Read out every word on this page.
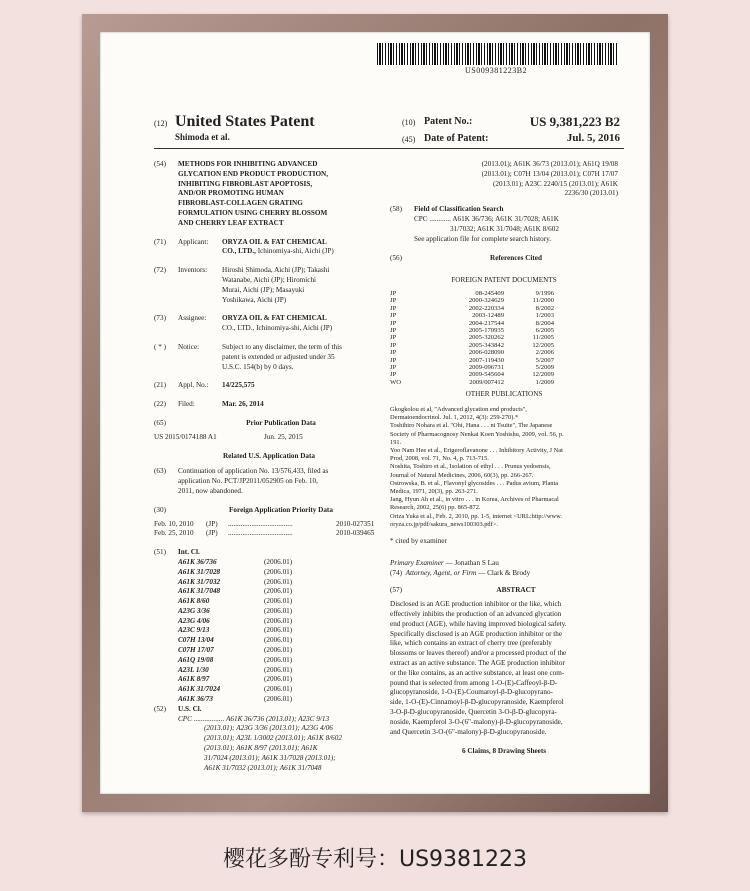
US009381223B2
(12) United States Patent
Shimoda et al.
(10) Patent No.:	US 9,381,223 B2
(45) Date of Patent:	Jul. 5, 2016
(54)	METHODS FOR INHIBITING ADVANCED
GLYCATION END PRODUCT PRODUCTION,
INHIBITING FIBROBLAST APOPTOSIS,
AND/OR PROMOTING HUMAN
FIBROBLAST-COLLAGEN GRATING
FORMULATION USING CHERRY BLOSSOM
AND CHERRY LEAF EXTRACT
(71)	Applicant:	ORYZA OIL & FAT CHEMICAL
CO., LTD., Ichinomiya-shi, Aichi (JP)
(72)	Inventors:	Hiroshi Shimoda, Aichi (JP); Takashi
Watanabe, Aichi (JP); Hiromichi
Murai, Aichi (JP); Masayuki
Yoshikawa, Aichi (JP)
(73)	Assignee:	ORYZA OIL & FAT CHEMICAL
CO., LTD., Ichinomiya-shi, Aichi (JP)
( * )	Notice:	Subject to any disclaimer, the term of this
patent is extended or adjusted under 35
U.S.C. 154(b) by 0 days.
(21)	Appl. No.:	14/225,575
(22)	Filed:	Mar. 26, 2014
(65)	Prior Publication Data
US 2015/0174188 A1	Jun. 25, 2015
Related U.S. Application Data
(63)	Continuation of application No. 13/576,433, filed as
application No. PCT/JP2011/052905 on Feb. 10,
2011, now abandoned.
(30)	Foreign Application Priority Data
Feb. 10, 2010	(JP)	....................................	2010-027351
Feb. 25, 2010	(JP)	....................................	2010-039465
(51)	Int. Cl.
A61K 36/736	(2006.01)
A61K 31/7028	(2006.01)
A61K 31/7032	(2006.01)
A61K 31/7048	(2006.01)
A61K 8/60	(2006.01)
A23G 3/36	(2006.01)
A23G 4/06	(2006.01)
A23C 9/13	(2006.01)
C07H 13/04	(2006.01)
C07H 17/07	(2006.01)
A61Q 19/08	(2006.01)
A23L 1/30	(2006.01)
A61K 8/97	(2006.01)
A61K 31/7024	(2006.01)
A61K 36/73	(2006.01)
(52)	U.S. Cl.
CPC ................. A61K 36/736 (2013.01); A23C 9/13
(2013.01); A23G 3/36 (2013.01); A23G 4/06
(2013.01); A23L 1/3002 (2013.01); A61K 8/602
(2013.01); A61K 8/97 (2013.01); A61K
31/7024 (2013.01); A61K 31/7028 (2013.01);
A61K 31/7032 (2013.01); A61K 31/7048
(2013.01); A61K 36/73 (2013.01); A61Q 19/08
(2013.01); C07H 13/04 (2013.01); C07H 17/07
(2013.01); A23C 2240/15 (2013.01); A61K
2236/30 (2013.01)
(58)	Field of Classification Search
CPC ............ A61K 36/736; A61K 31/7028; A61K
31/7032; A61K 31/7048; A61K 8/602
See application file for complete search history.
(56)	References Cited
FOREIGN PATENT DOCUMENTS
JP	08-245409	9/1996
JP	2000-324629	11/2000
JP	2002-220334	8/2002
JP	2003-12489	1/2003
JP	2004-217544	8/2004
JP	2005-170935	6/2005
JP	2005-320262	11/2005
JP	2005-343842	12/2005
JP	2006-028090	2/2006
JP	2007-119430	5/2007
JP	2009-096731	5/2009
JP	2009-545604	12/2009
WO	2009/007412	1/2009
OTHER PUBLICATIONS
Gkogkolou et al, "Advanced glycation end products",
Dermatoendocrinol. Jul. 1, 2012, 4(3): 259-270).*
Toshihiro Nohara et al. "Ohi, Hana . . . ni Tsuite", The Japanese
Society of Pharmacognosy Nenkai Koen Yoshishu, 2009, vol. 56, p.
191.
Yoo Nam Hee et al., Erigeroflavanone . . . Inhibitory Activity, J Nat
Prod, 2008, vol. 71, No. 4, p. 713-715.
Noshita, Toshiro et al., Isolation of ethyl . . . Prunus yedoensis,
Journal of Natural Medicines, 2006, 60(3), pp. 266-267.
Ostrowska, B. et al., Flavonyl glycosides . . . Padus avium, Planta
Medica, 1971, 20(3), pp. 263-271.
Jang, Hyun Ah et al., in vitro . . . in Korea, Archives of Pharmacal
Research, 2002, 25(6) pp. 865-872.
Oriza Yuka et al., Feb. 2, 2010, pp. 1-5, internet <URL:http://www.
oryza.co.jp/pdf/sakura_news100303.pdf>.
* cited by examiner
Primary Examiner — Jonathan S Lau
(74)
Attorney, Agent, or Firm
— Clark & Brody
(57)	ABSTRACT
Disclosed is an AGE production inhibitor or the like, which
effectively inhibits the production of an advanced glycation
end product (AGE), while having improved biological safety.
Specifically disclosed is an AGE production inhibitor or the
like, which contains an extract of cherry tree (preferably
blossoms or leaves thereof) and/or a processed product of the
extract as an active substance. The AGE production inhibitor
or the like contains, as an active substance, at least one com-
pound that is selected from among 1-O-(E)-Caffeoyl-β-D-
glucopyranoside, 1-O-(E)-Coumaroyl-β-D-glucopyrano-
side, 1-O-(E)-Cinnamoyl-β-D-glucopyranoside, Kaempferol
3-O-β-D-glucopyranoside, Quercetin 3-O-β-D-glucopyra-
noside, Kaempferol 3-O-(6"-malony)-β-D-glucopyranoside,
and Quercetin 3-O-(6"-malony)-β-D-glucopyranoside.
6 Claims, 8 Drawing Sheets
樱花多酚专利号：US9381223
